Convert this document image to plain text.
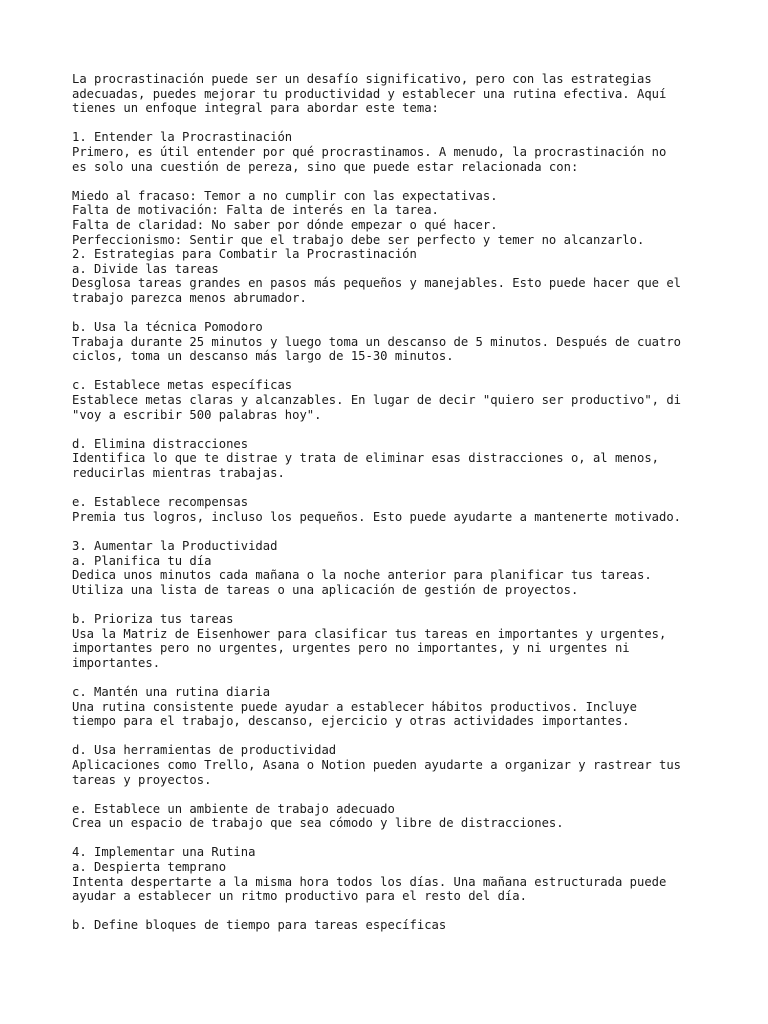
La procrastinación puede ser un desafío significativo, pero con las estrategias
adecuadas, puedes mejorar tu productividad y establecer una rutina efectiva. Aquí
tienes un enfoque integral para abordar este tema:

1. Entender la Procrastinación
Primero, es útil entender por qué procrastinamos. A menudo, la procrastinación no
es solo una cuestión de pereza, sino que puede estar relacionada con:

Miedo al fracaso: Temor a no cumplir con las expectativas.
Falta de motivación: Falta de interés en la tarea.
Falta de claridad: No saber por dónde empezar o qué hacer.
Perfeccionismo: Sentir que el trabajo debe ser perfecto y temer no alcanzarlo.
2. Estrategias para Combatir la Procrastinación
a. Divide las tareas
Desglosa tareas grandes en pasos más pequeños y manejables. Esto puede hacer que el
trabajo parezca menos abrumador.

b. Usa la técnica Pomodoro
Trabaja durante 25 minutos y luego toma un descanso de 5 minutos. Después de cuatro
ciclos, toma un descanso más largo de 15-30 minutos.

c. Establece metas específicas
Establece metas claras y alcanzables. En lugar de decir "quiero ser productivo", di
"voy a escribir 500 palabras hoy".

d. Elimina distracciones
Identifica lo que te distrae y trata de eliminar esas distracciones o, al menos,
reducirlas mientras trabajas.

e. Establece recompensas
Premia tus logros, incluso los pequeños. Esto puede ayudarte a mantenerte motivado.

3. Aumentar la Productividad
a. Planifica tu día
Dedica unos minutos cada mañana o la noche anterior para planificar tus tareas.
Utiliza una lista de tareas o una aplicación de gestión de proyectos.

b. Prioriza tus tareas
Usa la Matriz de Eisenhower para clasificar tus tareas en importantes y urgentes,
importantes pero no urgentes, urgentes pero no importantes, y ni urgentes ni
importantes.

c. Mantén una rutina diaria
Una rutina consistente puede ayudar a establecer hábitos productivos. Incluye
tiempo para el trabajo, descanso, ejercicio y otras actividades importantes.

d. Usa herramientas de productividad
Aplicaciones como Trello, Asana o Notion pueden ayudarte a organizar y rastrear tus
tareas y proyectos.

e. Establece un ambiente de trabajo adecuado
Crea un espacio de trabajo que sea cómodo y libre de distracciones.

4. Implementar una Rutina
a. Despierta temprano
Intenta despertarte a la misma hora todos los días. Una mañana estructurada puede
ayudar a establecer un ritmo productivo para el resto del día.

b. Define bloques de tiempo para tareas específicas
